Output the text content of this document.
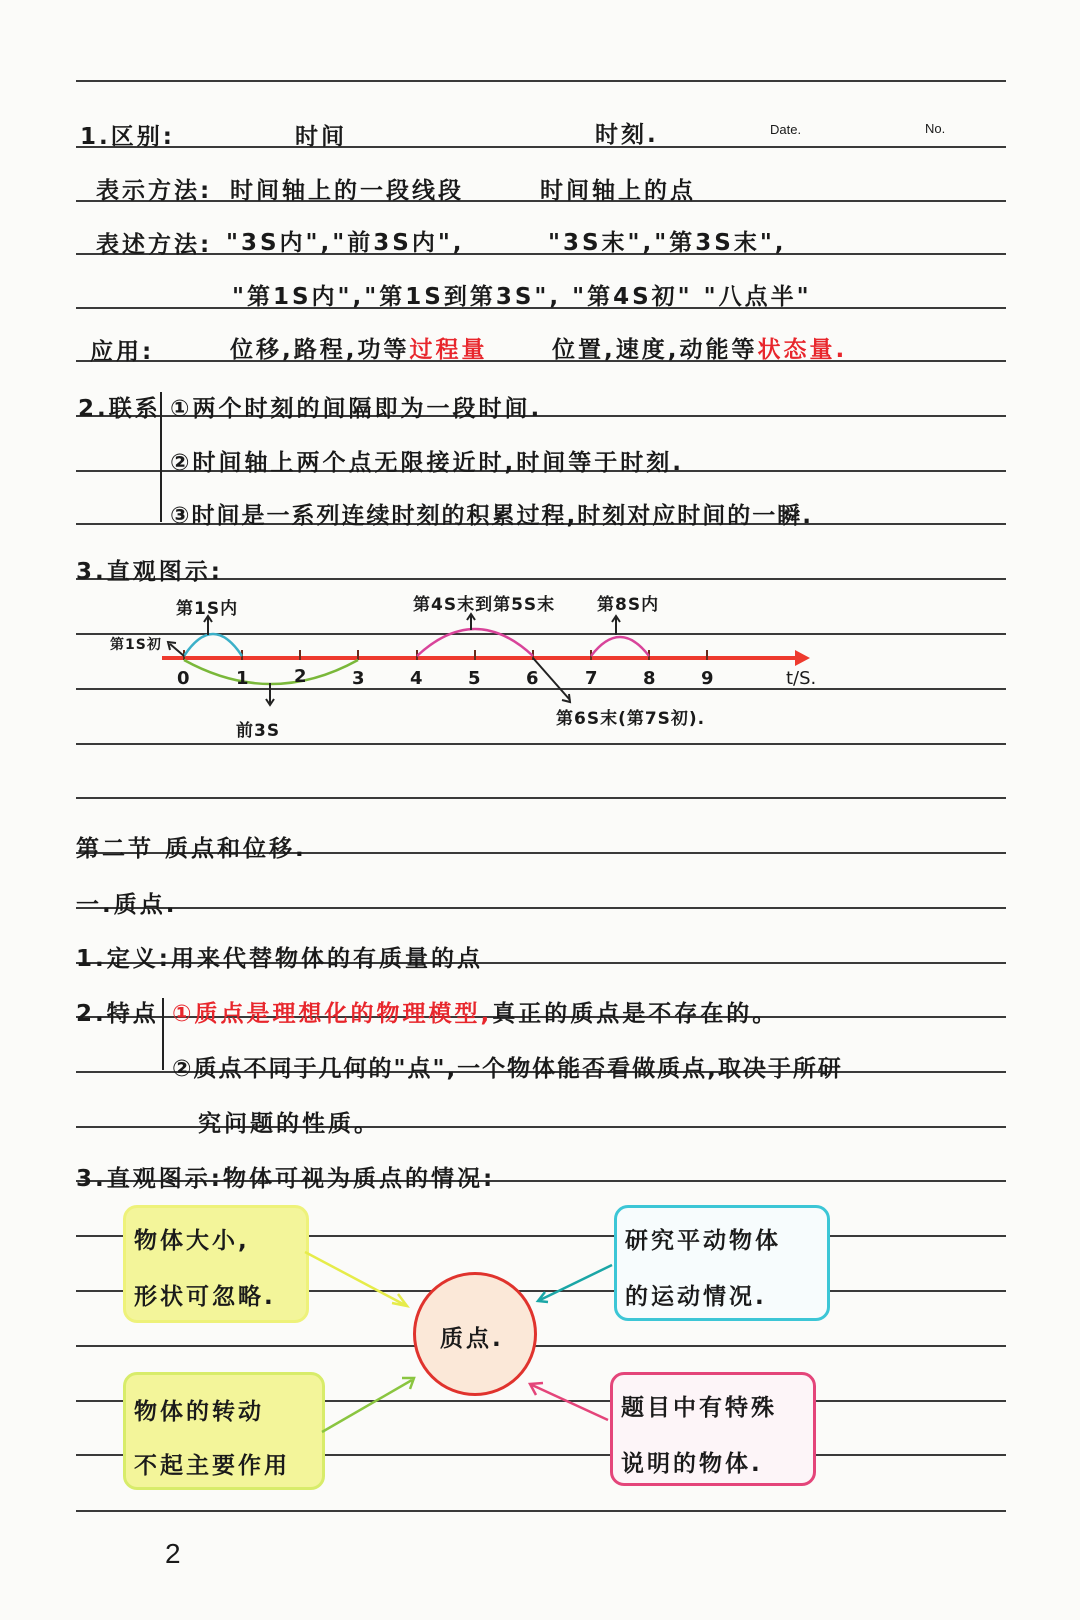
1.区别:	时间	时刻.	Date.	No.
表示方法: 时间轴上的一段线段	时间轴上的点
表述方法: "3S内","前3S内",	"3S末","第3S末",
"第1S内","第1S到第3S", "第4S初" "八点半"
应用:	位移,路程,功等过程量	位置,速度,动能等状态量.
2.联系 ①两个时刻的间隔即为一段时间.
②时间轴上两个点无限接近时,时间等于时刻.
③时间是一系列连续时刻的积累过程,时刻对应时间的一瞬.
3.直观图示:
0	1	2	3	4	5	6	7	8	9	t/S.
第1S内
第1S初
前3S
第4S末到第5S末 第8S内
第6S末(第7S初).
第二节 质点和位移.
一.质点.
1.定义:用来代替物体的有质量的点
2.特点 ①质点是理想化的物理模型,真正的质点是不存在的。
②质点不同于几何的"点",一个物体能否看做质点,取决于所研
究问题的性质。
3.直观图示:物体可视为质点的情况:
物体大小,
形状可忽略.
研究平动物体
的运动情况.
物体的转动
不起主要作用
题目中有特殊
说明的物体.
质点.
2
